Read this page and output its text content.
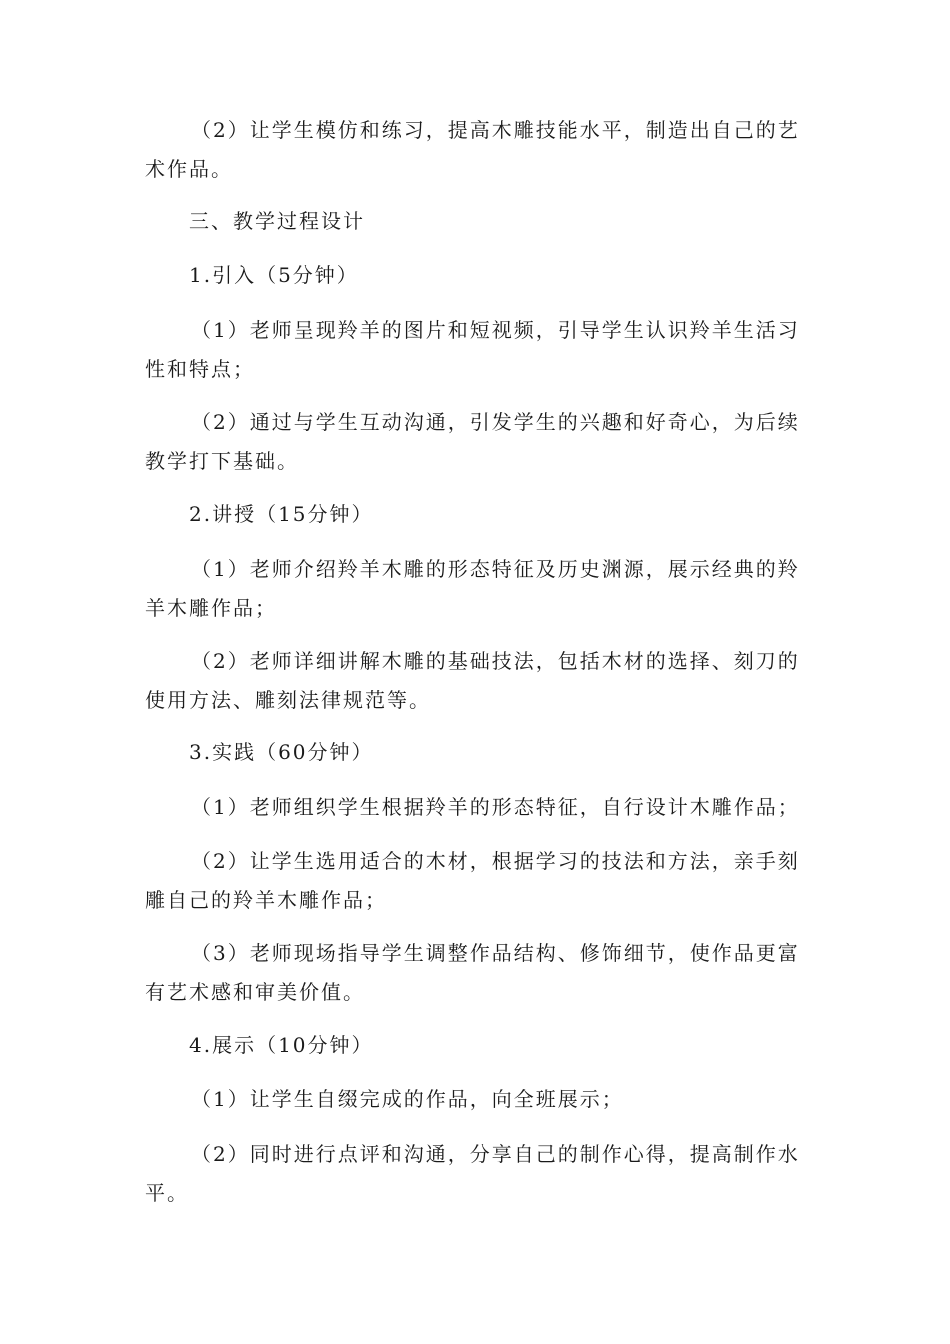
（2）让学生模仿和练习，提高木雕技能水平，制造出自己的艺术作品。

三、教学过程设计

1.引入（5分钟）

（1）老师呈现羚羊的图片和短视频，引导学生认识羚羊生活习性和特点；

（2）通过与学生互动沟通，引发学生的兴趣和好奇心，为后续教学打下基础。

2.讲授（15分钟）

（1）老师介绍羚羊木雕的形态特征及历史渊源，展示经典的羚羊木雕作品；

（2）老师详细讲解木雕的基础技法，包括木材的选择、刻刀的使用方法、雕刻法律规范等。

3.实践（60分钟）

（1）老师组织学生根据羚羊的形态特征，自行设计木雕作品；

（2）让学生选用适合的木材，根据学习的技法和方法，亲手刻雕自己的羚羊木雕作品；

（3）老师现场指导学生调整作品结构、修饰细节，使作品更富有艺术感和审美价值。

4.展示（10分钟）

（1）让学生自缀完成的作品，向全班展示；

（2）同时进行点评和沟通，分享自己的制作心得，提高制作水平。
